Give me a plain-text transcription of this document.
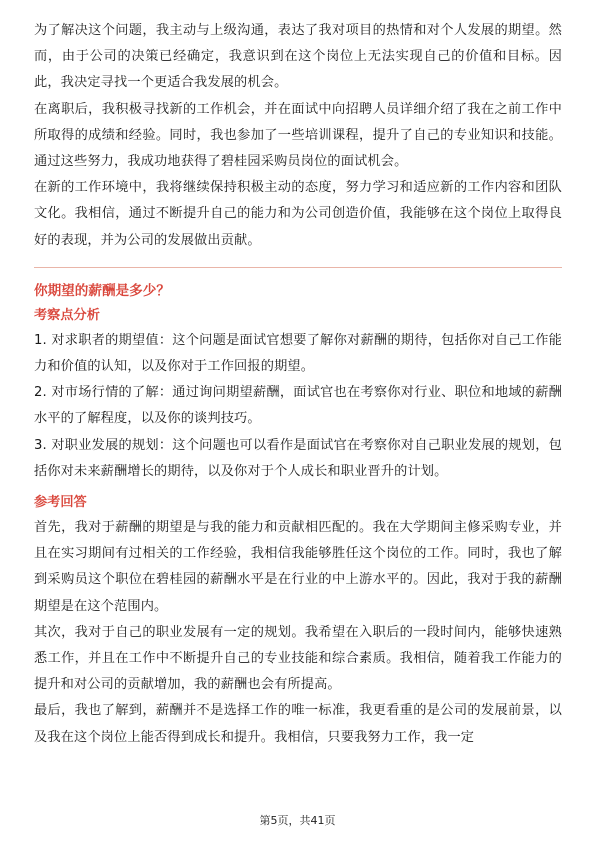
为了解决这个问题，我主动与上级沟通，表达了我对项目的热情和对个人发展的期望。然而，由于公司的决策已经确定，我意识到在这个岗位上无法实现自己的价值和目标。因此，我决定寻找一个更适合我发展的机会。

在离职后，我积极寻找新的工作机会，并在面试中向招聘人员详细介绍了我在之前工作中所取得的成绩和经验。同时，我也参加了一些培训课程，提升了自己的专业知识和技能。通过这些努力，我成功地获得了碧桂园采购员岗位的面试机会。

在新的工作环境中，我将继续保持积极主动的态度，努力学习和适应新的工作内容和团队文化。我相信，通过不断提升自己的能力和为公司创造价值，我能够在这个岗位上取得良好的表现，并为公司的发展做出贡献。

你期望的薪酬是多少？
考察点分析

1. 对求职者的期望值：这个问题是面试官想要了解你对薪酬的期待，包括你对自己工作能力和价值的认知，以及你对于工作回报的期望。

2. 对市场行情的了解：通过询问期望薪酬，面试官也在考察你对行业、职位和地域的薪酬水平的了解程度，以及你的谈判技巧。

3. 对职业发展的规划：这个问题也可以看作是面试官在考察你对自己职业发展的规划，包括你对未来薪酬增长的期待，以及你对于个人成长和职业晋升的计划。

参考回答

首先，我对于薪酬的期望是与我的能力和贡献相匹配的。我在大学期间主修采购专业，并且在实习期间有过相关的工作经验，我相信我能够胜任这个岗位的工作。同时，我也了解到采购员这个职位在碧桂园的薪酬水平是在行业的中上游水平的。因此，我对于我的薪酬期望是在这个范围内。

其次，我对于自己的职业发展有一定的规划。我希望在入职后的一段时间内，能够快速熟悉工作，并且在工作中不断提升自己的专业技能和综合素质。我相信，随着我工作能力的提升和对公司的贡献增加，我的薪酬也会有所提高。

最后，我也了解到，薪酬并不是选择工作的唯一标准，我更看重的是公司的发展前景，以及我在这个岗位上能否得到成长和提升。我相信，只要我努力工作，我一定

第5页，共41页
